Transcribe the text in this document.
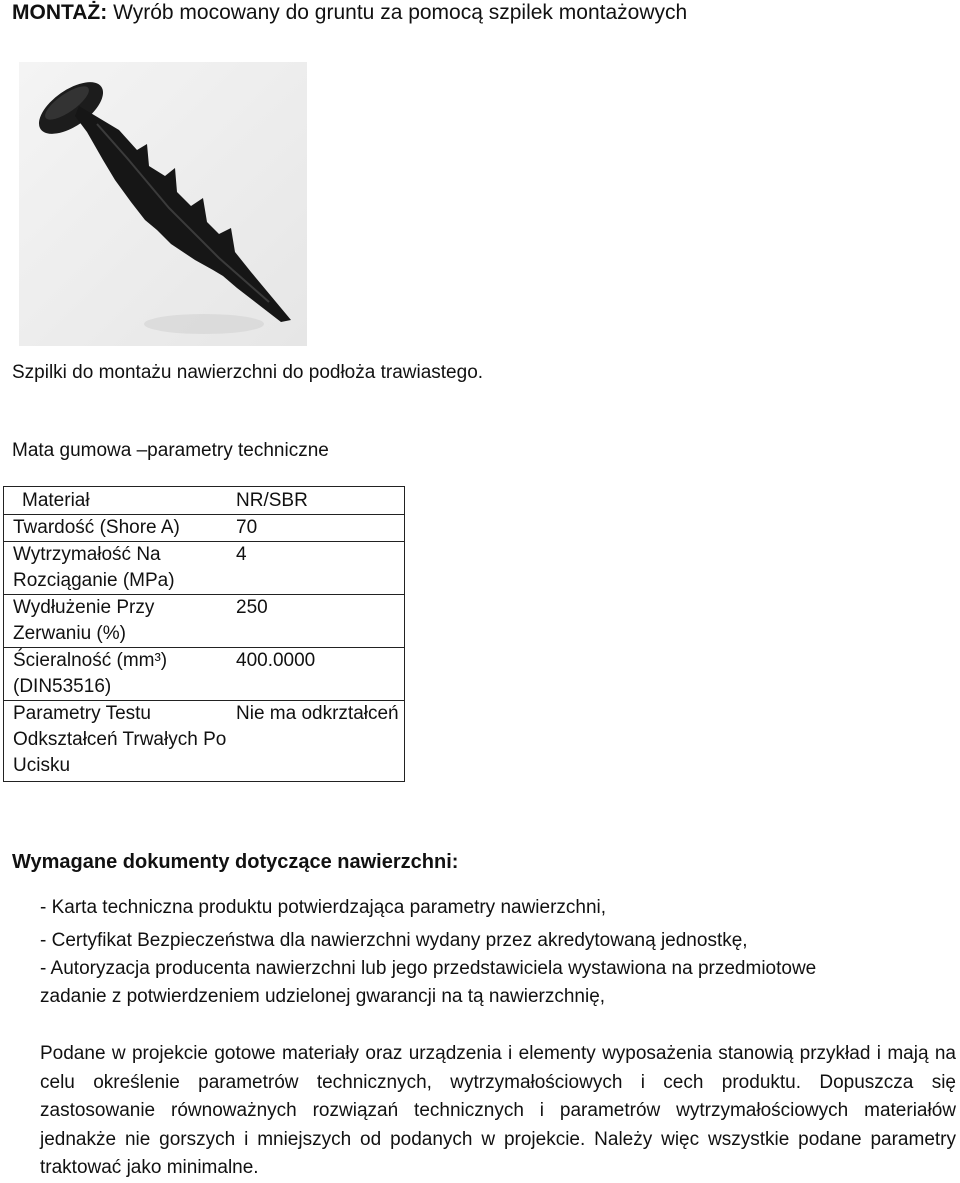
MONTAŻ: Wyrób mocowany do gruntu za pomocą szpilek montażowych
Szpilki do montażu nawierzchni do podłoża trawiastego.
Mata gumowa –parametry techniczne
Materiał	NR/SBR
Twardość (Shore A)	70
Wytrzymałość Na Rozciąganie (MPa)	4
Wydłużenie Przy Zerwaniu (%)	250
Ścieralność (mm³) (DIN53516)	400.0000
Parametry Testu Odkształceń Trwałych Po Ucisku	Nie ma odkrztałceń
Wymagane dokumenty dotyczące nawierzchni:
- Karta techniczna produktu potwierdzająca parametry nawierzchni,
- Certyfikat Bezpieczeństwa dla nawierzchni wydany przez akredytowaną jednostkę,
- Autoryzacja producenta nawierzchni lub jego przedstawiciela wystawiona na przedmiotowe
zadanie z potwierdzeniem udzielonej gwarancji na tą nawierzchnię,
Podane w projekcie gotowe materiały oraz urządzenia i elementy wyposażenia stanowią przykład i mają na celu określenie parametrów technicznych, wytrzymałościowych i cech produktu. Dopuszcza się zastosowanie równoważnych rozwiązań technicznych i parametrów wytrzymałościowych materiałów jednakże nie gorszych i mniejszych od podanych w projekcie. Należy więc wszystkie podane parametry traktować jako minimalne.
